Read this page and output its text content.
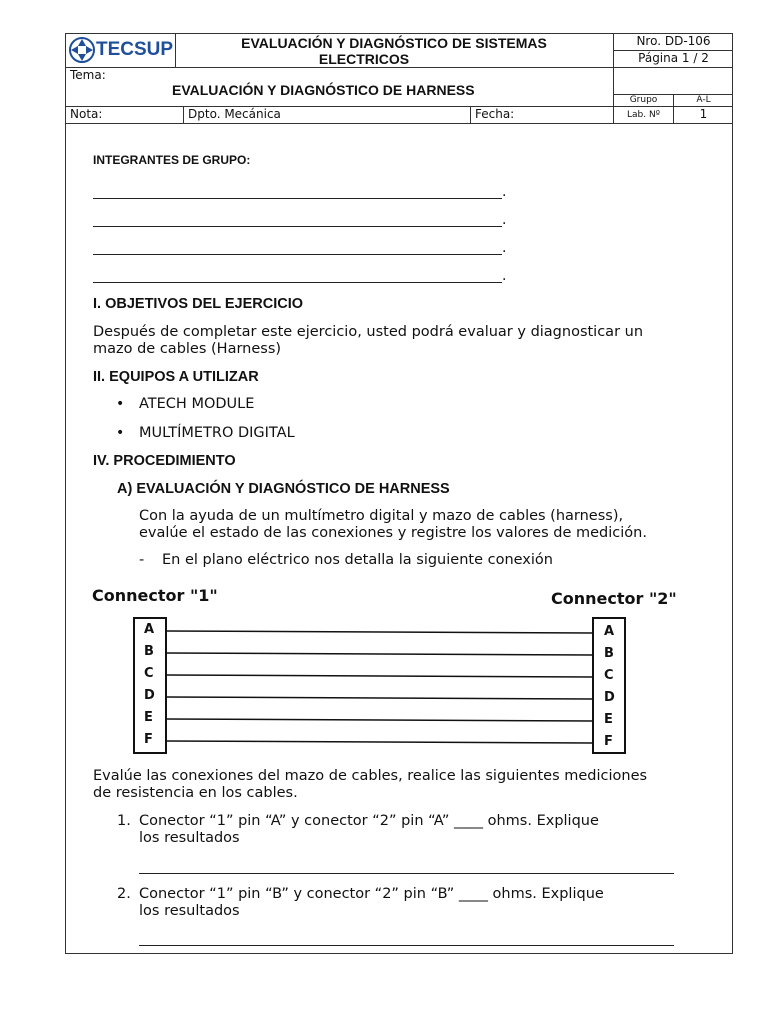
TECSUP	EVALUACIÓN Y DIAGNÓSTICO DE SISTEMAS
ELECTRICOS
Nro. DD-106
Página 1 / 2
Tema:
EVALUACIÓN Y DIAGNÓSTICO DE HARNESS
Grupo	A-L
Nota:	Dpto. Mecánica	Fecha:	Lab. Nº	1
INTEGRANTES DE GRUPO:
.
.
.
.
I. OBJETIVOS DEL EJERCICIO
Después de completar este ejercicio, usted podrá evaluar y diagnosticar un
mazo de cables (Harness)
II. EQUIPOS A UTILIZAR
• ATECH MODULE
• MULTÍMETRO DIGITAL
IV. PROCEDIMIENTO
A) EVALUACIÓN Y DIAGNÓSTICO DE HARNESS
Con la ayuda de un multímetro digital y mazo de cables (harness),
evalúe el estado de las conexiones y registre los valores de medición.
- En el plano eléctrico nos detalla la siguiente conexión
Connector "1"	Connector "2"
A
B
C
D
E
F
A
B
C
D
E
F
Evalúe las conexiones del mazo de cables, realice las siguientes mediciones
de resistencia en los cables.
1. Conector “1” pin “A” y conector “2” pin “A” ____ ohms. Explique
los resultados
2. Conector “1” pin “B” y conector “2” pin “B” ____ ohms. Explique
los resultados
